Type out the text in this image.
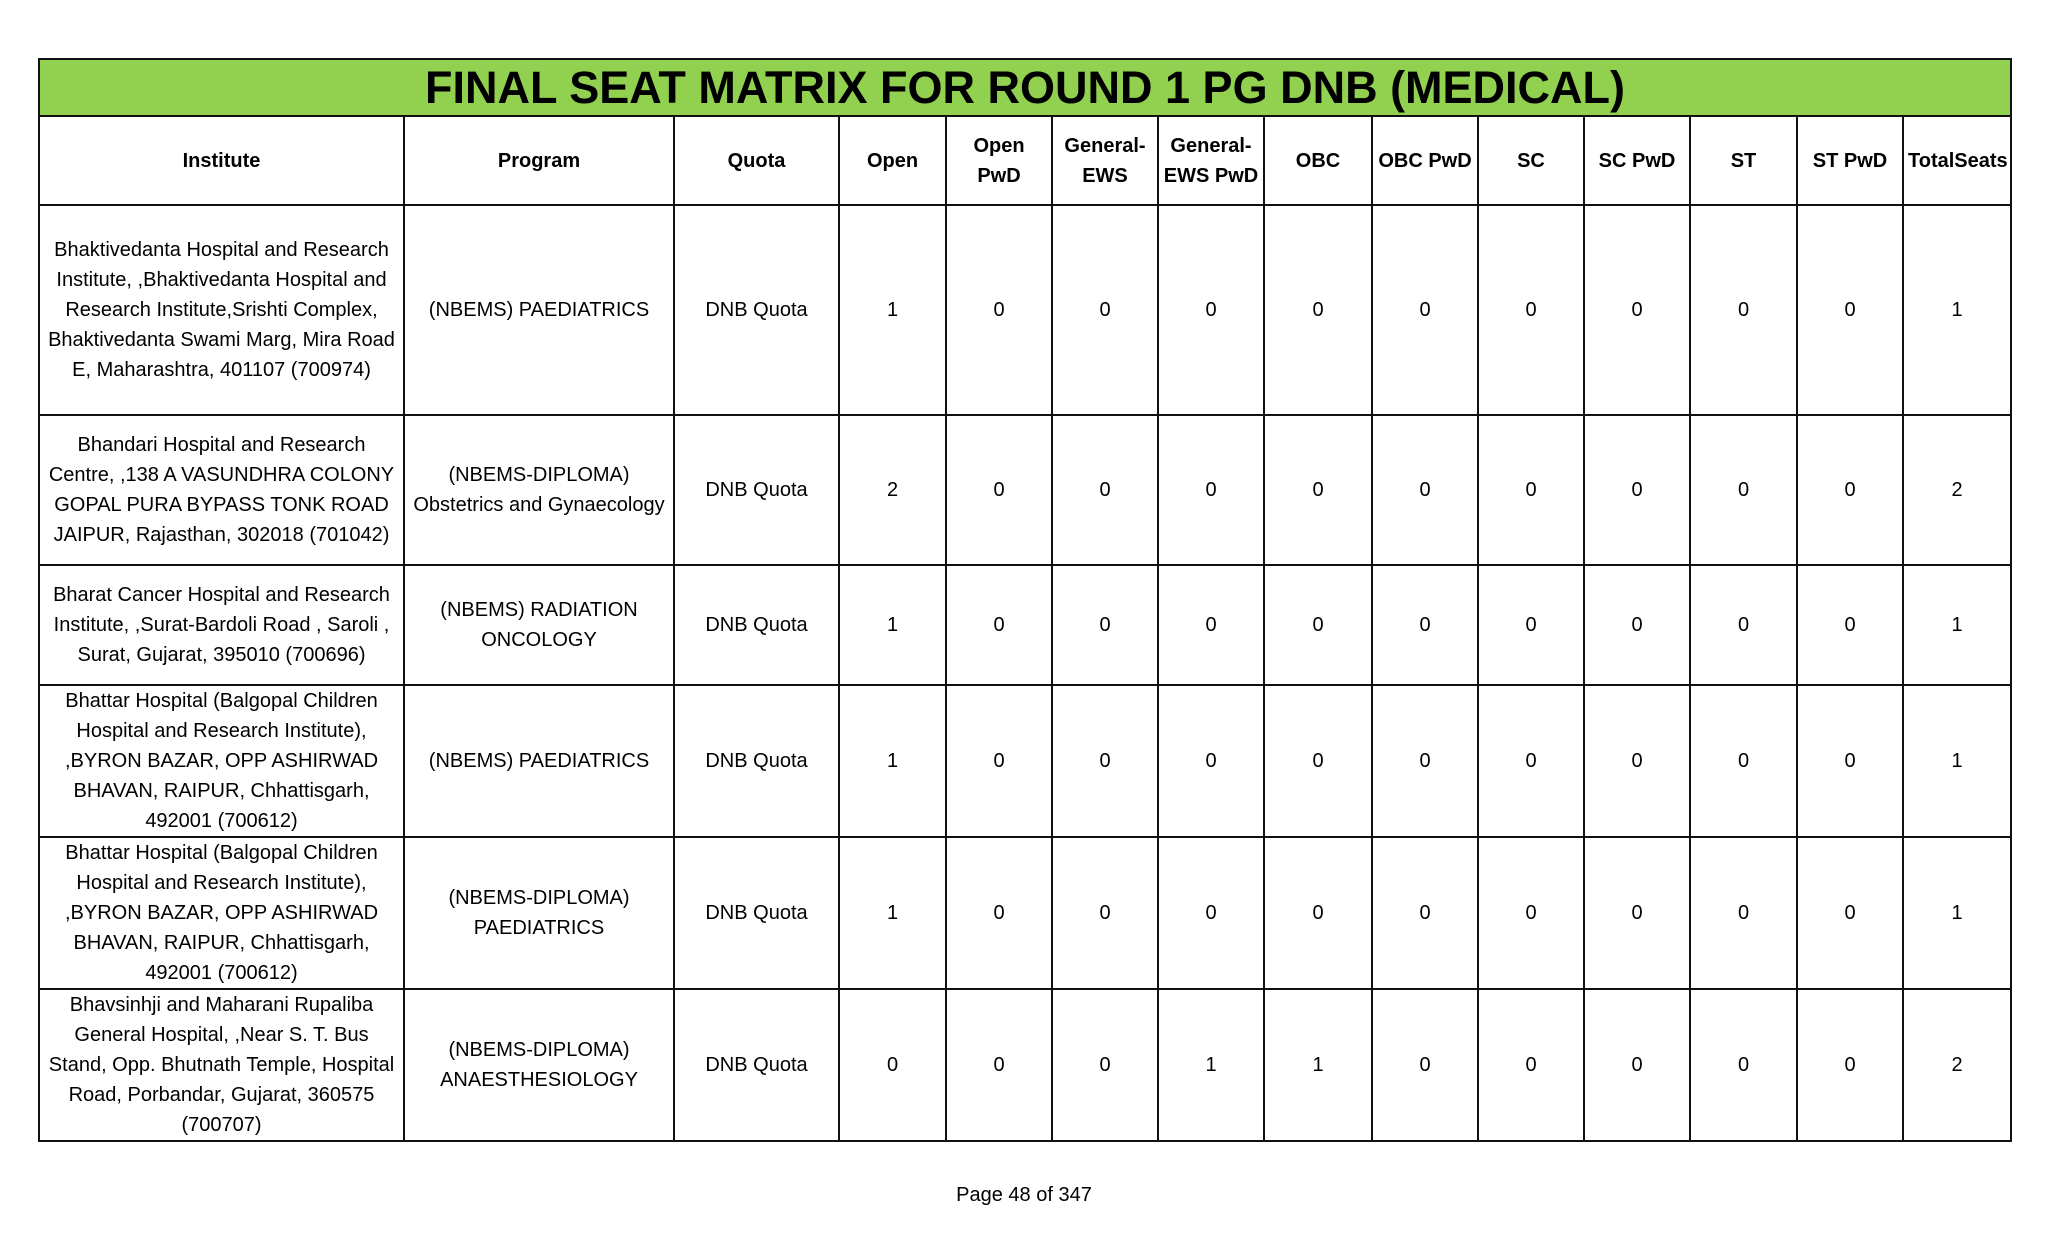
FINAL SEAT MATRIX FOR ROUND 1 PG DNB (MEDICAL)													
Institute	Program	Quota	Open	Open PwD	General-EWS	General-EWS PwD	OBC	OBC PwD	SC	SC PwD	ST	ST PwD	TotalSeats
Bhaktivedanta Hospital and Research Institute, ,Bhaktivedanta Hospital and Research Institute,Srishti Complex, Bhaktivedanta Swami Marg, Mira Road E, Maharashtra, 401107 (700974)	(NBEMS) PAEDIATRICS	DNB Quota	1	0	0	0	0	0	0	0	0	0	1
Bhandari Hospital and Research Centre, ,138 A VASUNDHRA COLONY GOPAL PURA BYPASS TONK ROAD JAIPUR, Rajasthan, 302018 (701042)	(NBEMS-DIPLOMA) Obstetrics and Gynaecology	DNB Quota	2	0	0	0	0	0	0	0	0	0	2
Bharat Cancer Hospital and Research Institute, ,Surat-Bardoli Road , Saroli , Surat, Gujarat, 395010 (700696)	(NBEMS) RADIATION ONCOLOGY	DNB Quota	1	0	0	0	0	0	0	0	0	0	1
Bhattar Hospital (Balgopal Children Hospital and Research Institute), ,BYRON BAZAR, OPP ASHIRWAD BHAVAN, RAIPUR, Chhattisgarh, 492001 (700612)	(NBEMS) PAEDIATRICS	DNB Quota	1	0	0	0	0	0	0	0	0	0	1
Bhattar Hospital (Balgopal Children Hospital and Research Institute), ,BYRON BAZAR, OPP ASHIRWAD BHAVAN, RAIPUR, Chhattisgarh, 492001 (700612)	(NBEMS-DIPLOMA) PAEDIATRICS	DNB Quota	1	0	0	0	0	0	0	0	0	0	1
Bhavsinhji and Maharani Rupaliba General Hospital, ,Near S. T. Bus Stand, Opp. Bhutnath Temple, Hospital Road, Porbandar, Gujarat, 360575 (700707)	(NBEMS-DIPLOMA) ANAESTHESIOLOGY	DNB Quota	0	0	0	1	1	0	0	0	0	0	2
Page 48 of 347
